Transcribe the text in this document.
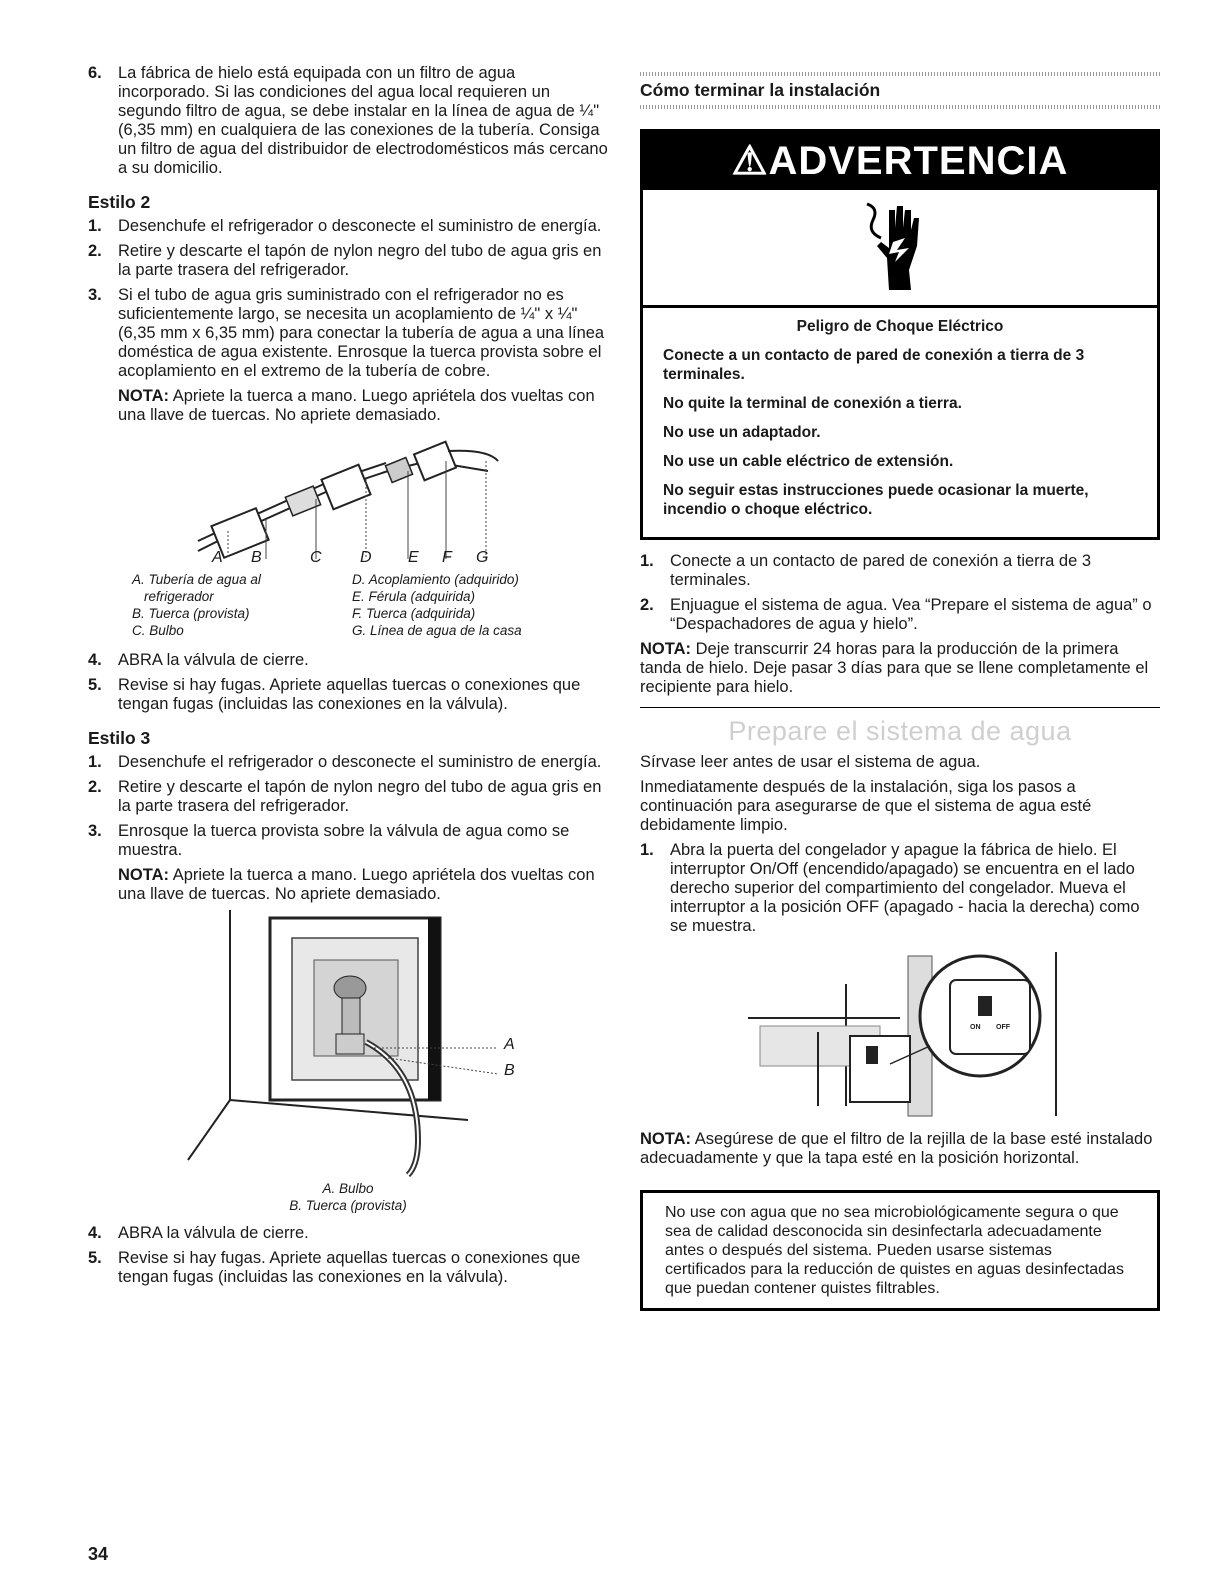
6. La fábrica de hielo está equipada con un filtro de agua incorporado. Si las condiciones del agua local requieren un segundo filtro de agua, se debe instalar en la línea de agua de ¼" (6,35 mm) en cualquiera de las conexiones de la tubería. Consiga un filtro de agua del distribuidor de electrodomésticos más cercano a su domicilio.
Estilo 2
1. Desenchufe el refrigerador o desconecte el suministro de energía.
2. Retire y descarte el tapón de nylon negro del tubo de agua gris en la parte trasera del refrigerador.
3. Si el tubo de agua gris suministrado con el refrigerador no es suficientemente largo, se necesita un acoplamiento de ¼" x ¼" (6,35 mm x 6,35 mm) para conectar la tubería de agua a una línea doméstica de agua existente. Enrosque la tuerca provista sobre el acoplamiento en el extremo de la tubería de cobre.
NOTA: Apriete la tuerca a mano. Luego apriétela dos vueltas con una llave de tuercas. No apriete demasiado.
A B	C D E F G
A. Tubería de agua al
refrigerador
B. Tuerca (provista)
C. Bulbo
D. Acoplamiento (adquirido)
E. Férula (adquirida)
F. Tuerca (adquirida)
G. Línea de agua de la casa
4. ABRA la válvula de cierre.
5. Revise si hay fugas. Apriete aquellas tuercas o conexiones que tengan fugas (incluidas las conexiones en la válvula).
Estilo 3
1. Desenchufe el refrigerador o desconecte el suministro de energía.
2. Retire y descarte el tapón de nylon negro del tubo de agua gris en la parte trasera del refrigerador.
3. Enrosque la tuerca provista sobre la válvula de agua como se muestra.
NOTA: Apriete la tuerca a mano. Luego apriétela dos vueltas con una llave de tuercas. No apriete demasiado.
A
B
A. Bulbo
B. Tuerca (provista)
4. ABRA la válvula de cierre.
5. Revise si hay fugas. Apriete aquellas tuercas o conexiones que tengan fugas (incluidas las conexiones en la válvula).
Cómo terminar la instalación
⚠ADVERTENCIA
Peligro de Choque Eléctrico
Conecte a un contacto de pared de conexión a tierra de 3 terminales.
No quite la terminal de conexión a tierra.
No use un adaptador.
No use un cable eléctrico de extensión.
No seguir estas instrucciones puede ocasionar la muerte, incendio o choque eléctrico.
1. Conecte a un contacto de pared de conexión a tierra de 3 terminales.
2. Enjuague el sistema de agua. Vea “Prepare el sistema de agua” o “Despachadores de agua y hielo”.
NOTA: Deje transcurrir 24 horas para la producción de la primera tanda de hielo. Deje pasar 3 días para que se llene completamente el recipiente para hielo.
Prepare el sistema de agua
Sírvase leer antes de usar el sistema de agua.
Inmediatamente después de la instalación, siga los pasos a continuación para asegurarse de que el sistema de agua esté debidamente limpio.
1. Abra la puerta del congelador y apague la fábrica de hielo. El interruptor On/Off (encendido/apagado) se encuentra en el lado derecho superior del compartimiento del congelador. Mueva el interruptor a la posición OFF (apagado - hacia la derecha) como se muestra.
ON OFF
NOTA: Asegúrese de que el filtro de la rejilla de la base esté instalado adecuadamente y que la tapa esté en la posición horizontal.
No use con agua que no sea microbiológicamente segura o que sea de calidad desconocida sin desinfectarla adecuadamente antes o después del sistema. Pueden usarse sistemas certificados para la reducción de quistes en aguas desinfectadas que puedan contener quistes filtrables.
34
